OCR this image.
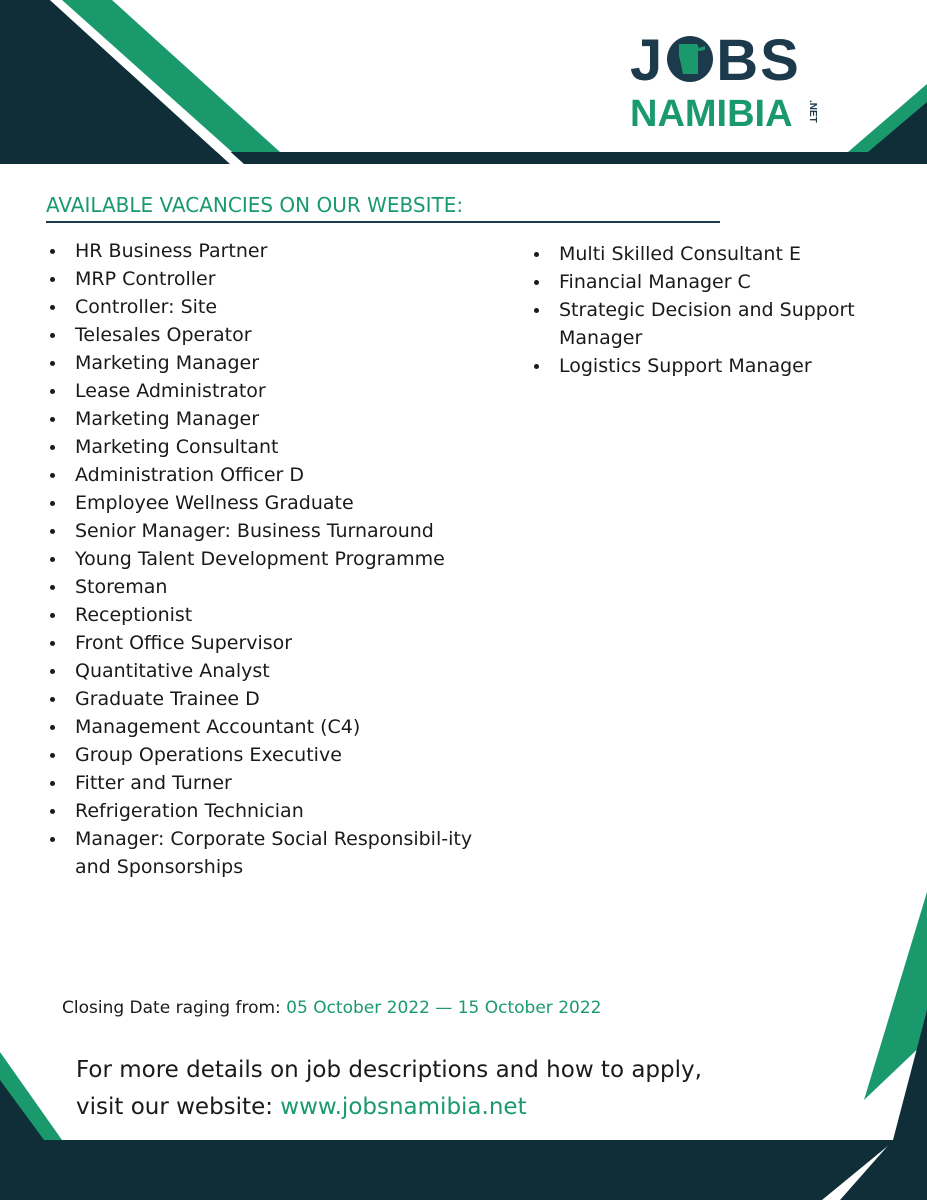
J BS
NAMIBIA .NET
AVAILABLE VACANCIES ON OUR WEBSITE:
HR Business Partner
MRP Controller
Controller: Site
Telesales Operator
Marketing Manager
Lease Administrator
Marketing Manager
Marketing Consultant
Administration Officer D
Employee Wellness Graduate
Senior Manager: Business Turnaround
Young Talent Development Programme
Storeman
Receptionist
Front Office Supervisor
Quantitative Analyst
Graduate Trainee D
Management Accountant (C4)
Group Operations Executive
Fitter and Turner
Refrigeration Technician
Manager: Corporate Social Responsibil-ity and Sponsorships
Multi Skilled Consultant E
Financial Manager C
Strategic Decision and Support Manager
Logistics Support Manager
Closing Date raging from: 05 October 2022 — 15 October 2022
For more details on job descriptions and how to apply,
visit our website: www.jobsnamibia.net
